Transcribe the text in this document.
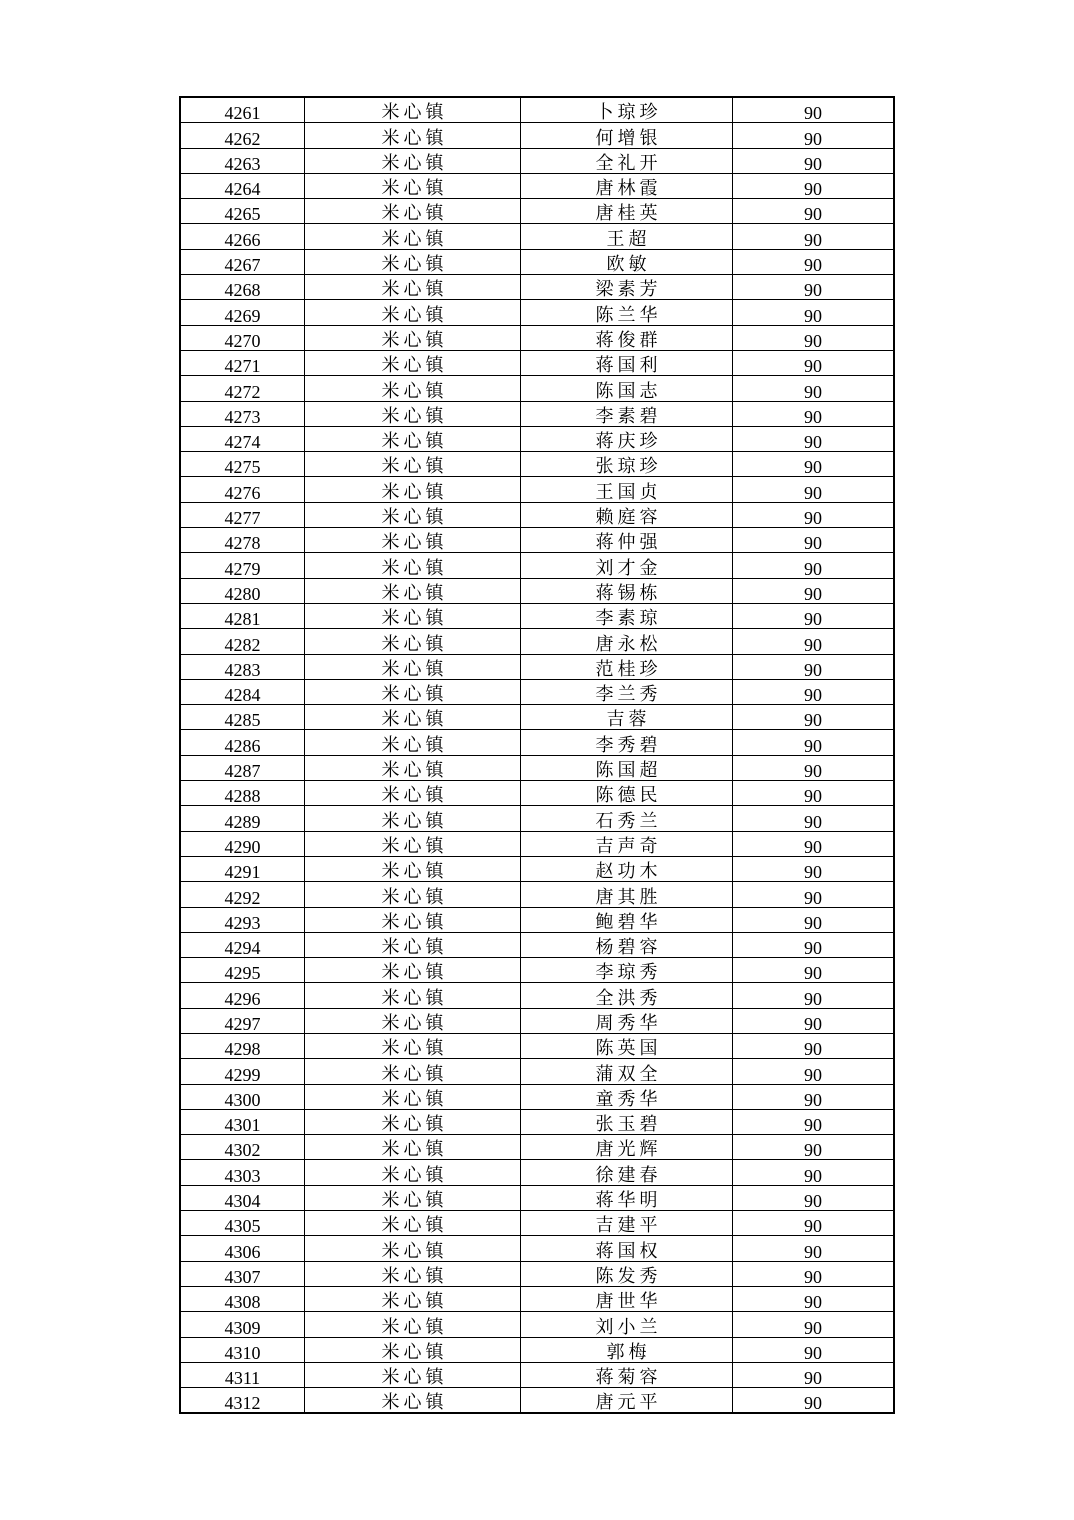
4261	米心镇	卜琼珍	90
4262	米心镇	何增银	90
4263	米心镇	全礼开	90
4264	米心镇	唐林霞	90
4265	米心镇	唐桂英	90
4266	米心镇	王超	90
4267	米心镇	欧敏	90
4268	米心镇	梁素芳	90
4269	米心镇	陈兰华	90
4270	米心镇	蒋俊群	90
4271	米心镇	蒋国利	90
4272	米心镇	陈国志	90
4273	米心镇	李素碧	90
4274	米心镇	蒋庆珍	90
4275	米心镇	张琼珍	90
4276	米心镇	王国贞	90
4277	米心镇	赖庭容	90
4278	米心镇	蒋仲强	90
4279	米心镇	刘才金	90
4280	米心镇	蒋锡栋	90
4281	米心镇	李素琼	90
4282	米心镇	唐永松	90
4283	米心镇	范桂珍	90
4284	米心镇	李兰秀	90
4285	米心镇	吉蓉	90
4286	米心镇	李秀碧	90
4287	米心镇	陈国超	90
4288	米心镇	陈德民	90
4289	米心镇	石秀兰	90
4290	米心镇	吉声奇	90
4291	米心镇	赵功木	90
4292	米心镇	唐其胜	90
4293	米心镇	鲍碧华	90
4294	米心镇	杨碧容	90
4295	米心镇	李琼秀	90
4296	米心镇	全洪秀	90
4297	米心镇	周秀华	90
4298	米心镇	陈英国	90
4299	米心镇	蒲双全	90
4300	米心镇	童秀华	90
4301	米心镇	张玉碧	90
4302	米心镇	唐光辉	90
4303	米心镇	徐建春	90
4304	米心镇	蒋华明	90
4305	米心镇	吉建平	90
4306	米心镇	蒋国权	90
4307	米心镇	陈发秀	90
4308	米心镇	唐世华	90
4309	米心镇	刘小兰	90
4310	米心镇	郭梅	90
4311	米心镇	蒋菊容	90
4312	米心镇	唐元平	90
